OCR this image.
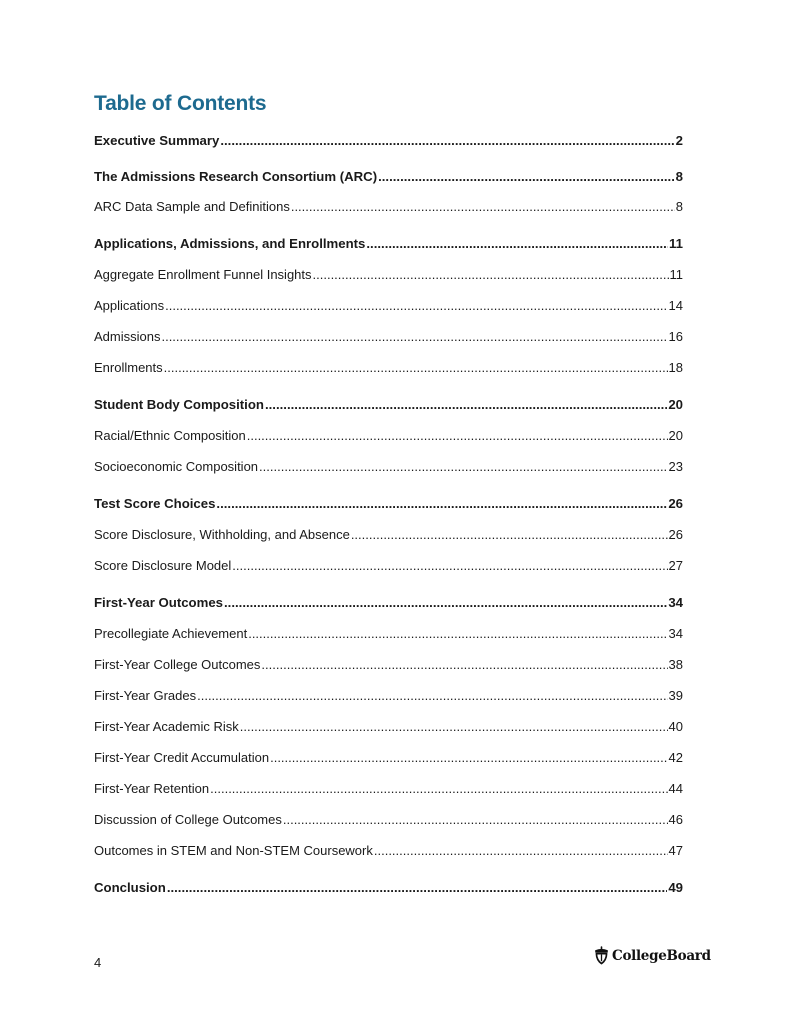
Table of Contents
Executive Summary .....	2
The Admissions Research Consortium (ARC) .....	8
ARC Data Sample and Definitions .....	8
Applications, Admissions, and Enrollments .....	11
Aggregate Enrollment Funnel Insights .....	11
Applications .....	14
Admissions .....	16
Enrollments .....	18
Student Body Composition .....	20
Racial/Ethnic Composition .....	20
Socioeconomic Composition .....	23
Test Score Choices .....	26
Score Disclosure, Withholding, and Absence .....	26
Score Disclosure Model .....	27
First-Year Outcomes .....	34
Precollegiate Achievement .....	34
First-Year College Outcomes .....	38
First-Year Grades .....	39
First-Year Academic Risk .....	40
First-Year Credit Accumulation .....	42
First-Year Retention .....	44
Discussion of College Outcomes .....	46
Outcomes in STEM and Non-STEM Coursework .....	47
Conclusion .....	49
4	CollegeBoard
